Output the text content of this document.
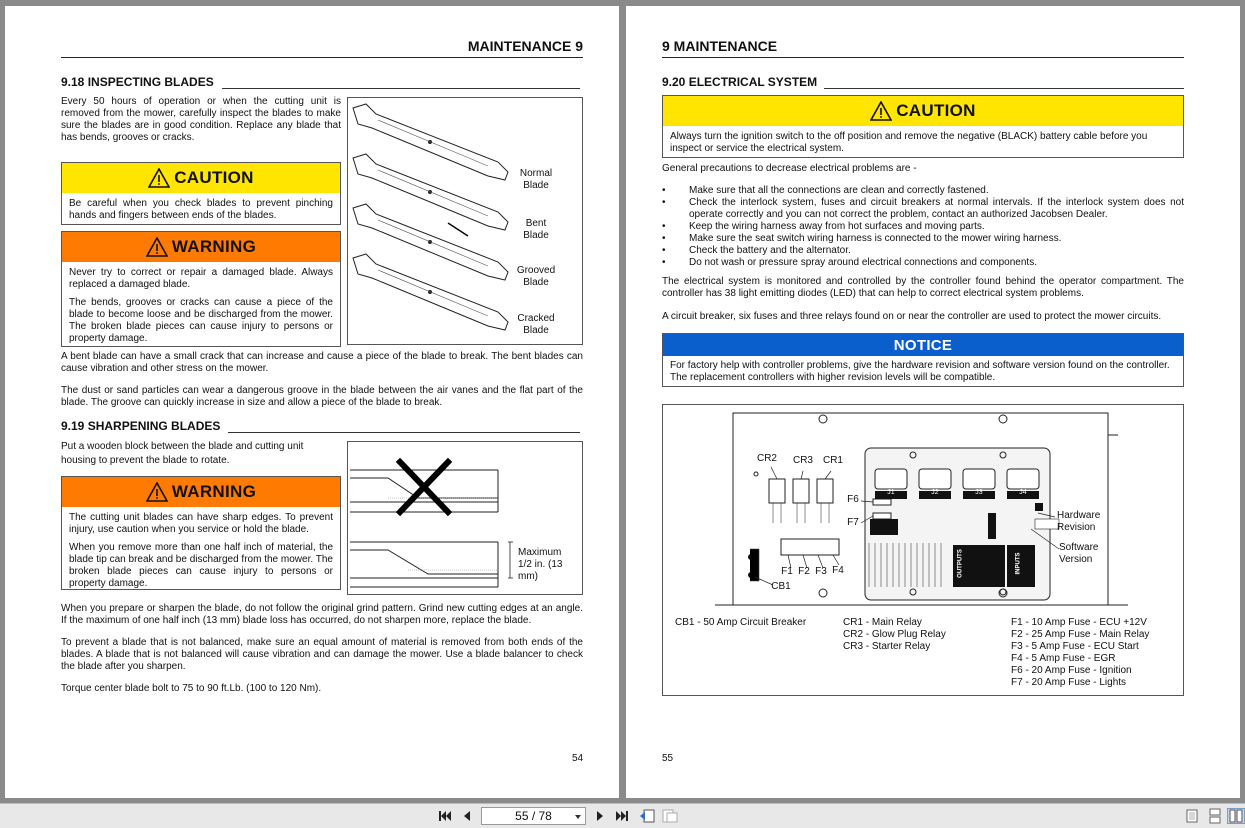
MAINTENANCE 9
9.18 INSPECTING BLADES
Every 50 hours of operation or when the cutting unit is removed from the mower, carefully inspect the blades to make sure the blades are in good condition. Replace any blade that has bends, grooves or cracks.
CAUTION
Be careful when you check blades to prevent pinching hands and fingers between ends of the blades.
WARNING

Never try to correct or repair a damaged blade. Always replaced a damaged blade.

The bends, grooves or cracks can cause a piece of the blade to become loose and be discharged from the mower. The broken blade pieces can cause injury to persons or property damage.

Normal Blade
Bent Blade
Grooved Blade
Cracked Blade
A bent blade can have a small crack that can increase and cause a piece of the blade to break. The bent blades can cause vibration and other stress on the mower.
The dust or sand particles can wear a dangerous groove in the blade between the air vanes and the flat part of the blade. The groove can quickly increase in size and allow a piece of the blade to break.
9.19 SHARPENING BLADES
Put a wooden block between the blade and cutting unit housing to prevent the blade to rotate.
WARNING

The cutting unit blades can have sharp edges. To prevent injury, use caution when you service or hold the blade.

When you remove more than one half inch of material, the blade tip can break and be discharged from the mower. The broken blade pieces can cause injury to persons or property damage.

Maximum 1/2 in. (13 mm)
When you prepare or sharpen the blade, do not follow the original grind pattern. Grind new cutting edges at an angle. If the maximum of one half inch (13 mm) blade loss has occurred, do not sharpen more, replace the blade.
To prevent a blade that is not balanced, make sure an equal amount of material is removed from both ends of the blades. A blade that is not balanced will cause vibration and can damage the mower. Use a blade balancer to check the blade after you sharpen.
Torque center blade bolt to 75 to 90 ft.Lb. (100 to 120 Nm).
54
9 MAINTENANCE
9.20 ELECTRICAL SYSTEM
CAUTION
Always turn the ignition switch to the off position and remove the negative (BLACK) battery cable before you inspect or service the electrical system.
General precautions to decrease electrical problems are -
• Make sure that all the connections are clean and correctly fastened.
• Check the interlock system, fuses and circuit breakers at normal intervals. If the interlock system does not operate correctly and you can not correct the problem, contact an authorized Jacobsen Dealer.
• Keep the wiring harness away from hot surfaces and moving parts.
• Make sure the seat switch wiring harness is connected to the mower wiring harness.
• Check the battery and the alternator.
• Do not wash or pressure spray around electrical connections and components.
The electrical system is monitored and controlled by the controller found behind the operator compartment. The controller has 38 light emitting diodes (LED) that can help to correct electrical system problems.
A circuit breaker, six fuses and three relays found on or near the controller are used to protect the mower circuits.
NOTICE
For factory help with controller problems, give the hardware revision and software version found on the controller. The replacement controllers with higher revision levels will be compatible.
CR2 CR3 CR1
J1	J2	J3	J4
F6
F7
F1 F2 F3 F4
CB1
OUTPUTS	INPUTS
Hardware Revision
Software Version
CB1 - 50 Amp Circuit Breaker	CR1 - Main Relay
CR2 - Glow Plug Relay
CR3 - Starter Relay
F1 - 10 Amp Fuse - ECU +12V
F2 - 25 Amp Fuse - Main Relay
F3 - 5 Amp Fuse - ECU Start
F4 - 5 Amp Fuse - EGR
F6 - 20 Amp Fuse - Ignition
F7 - 20 Amp Fuse - Lights
55
55 / 78
